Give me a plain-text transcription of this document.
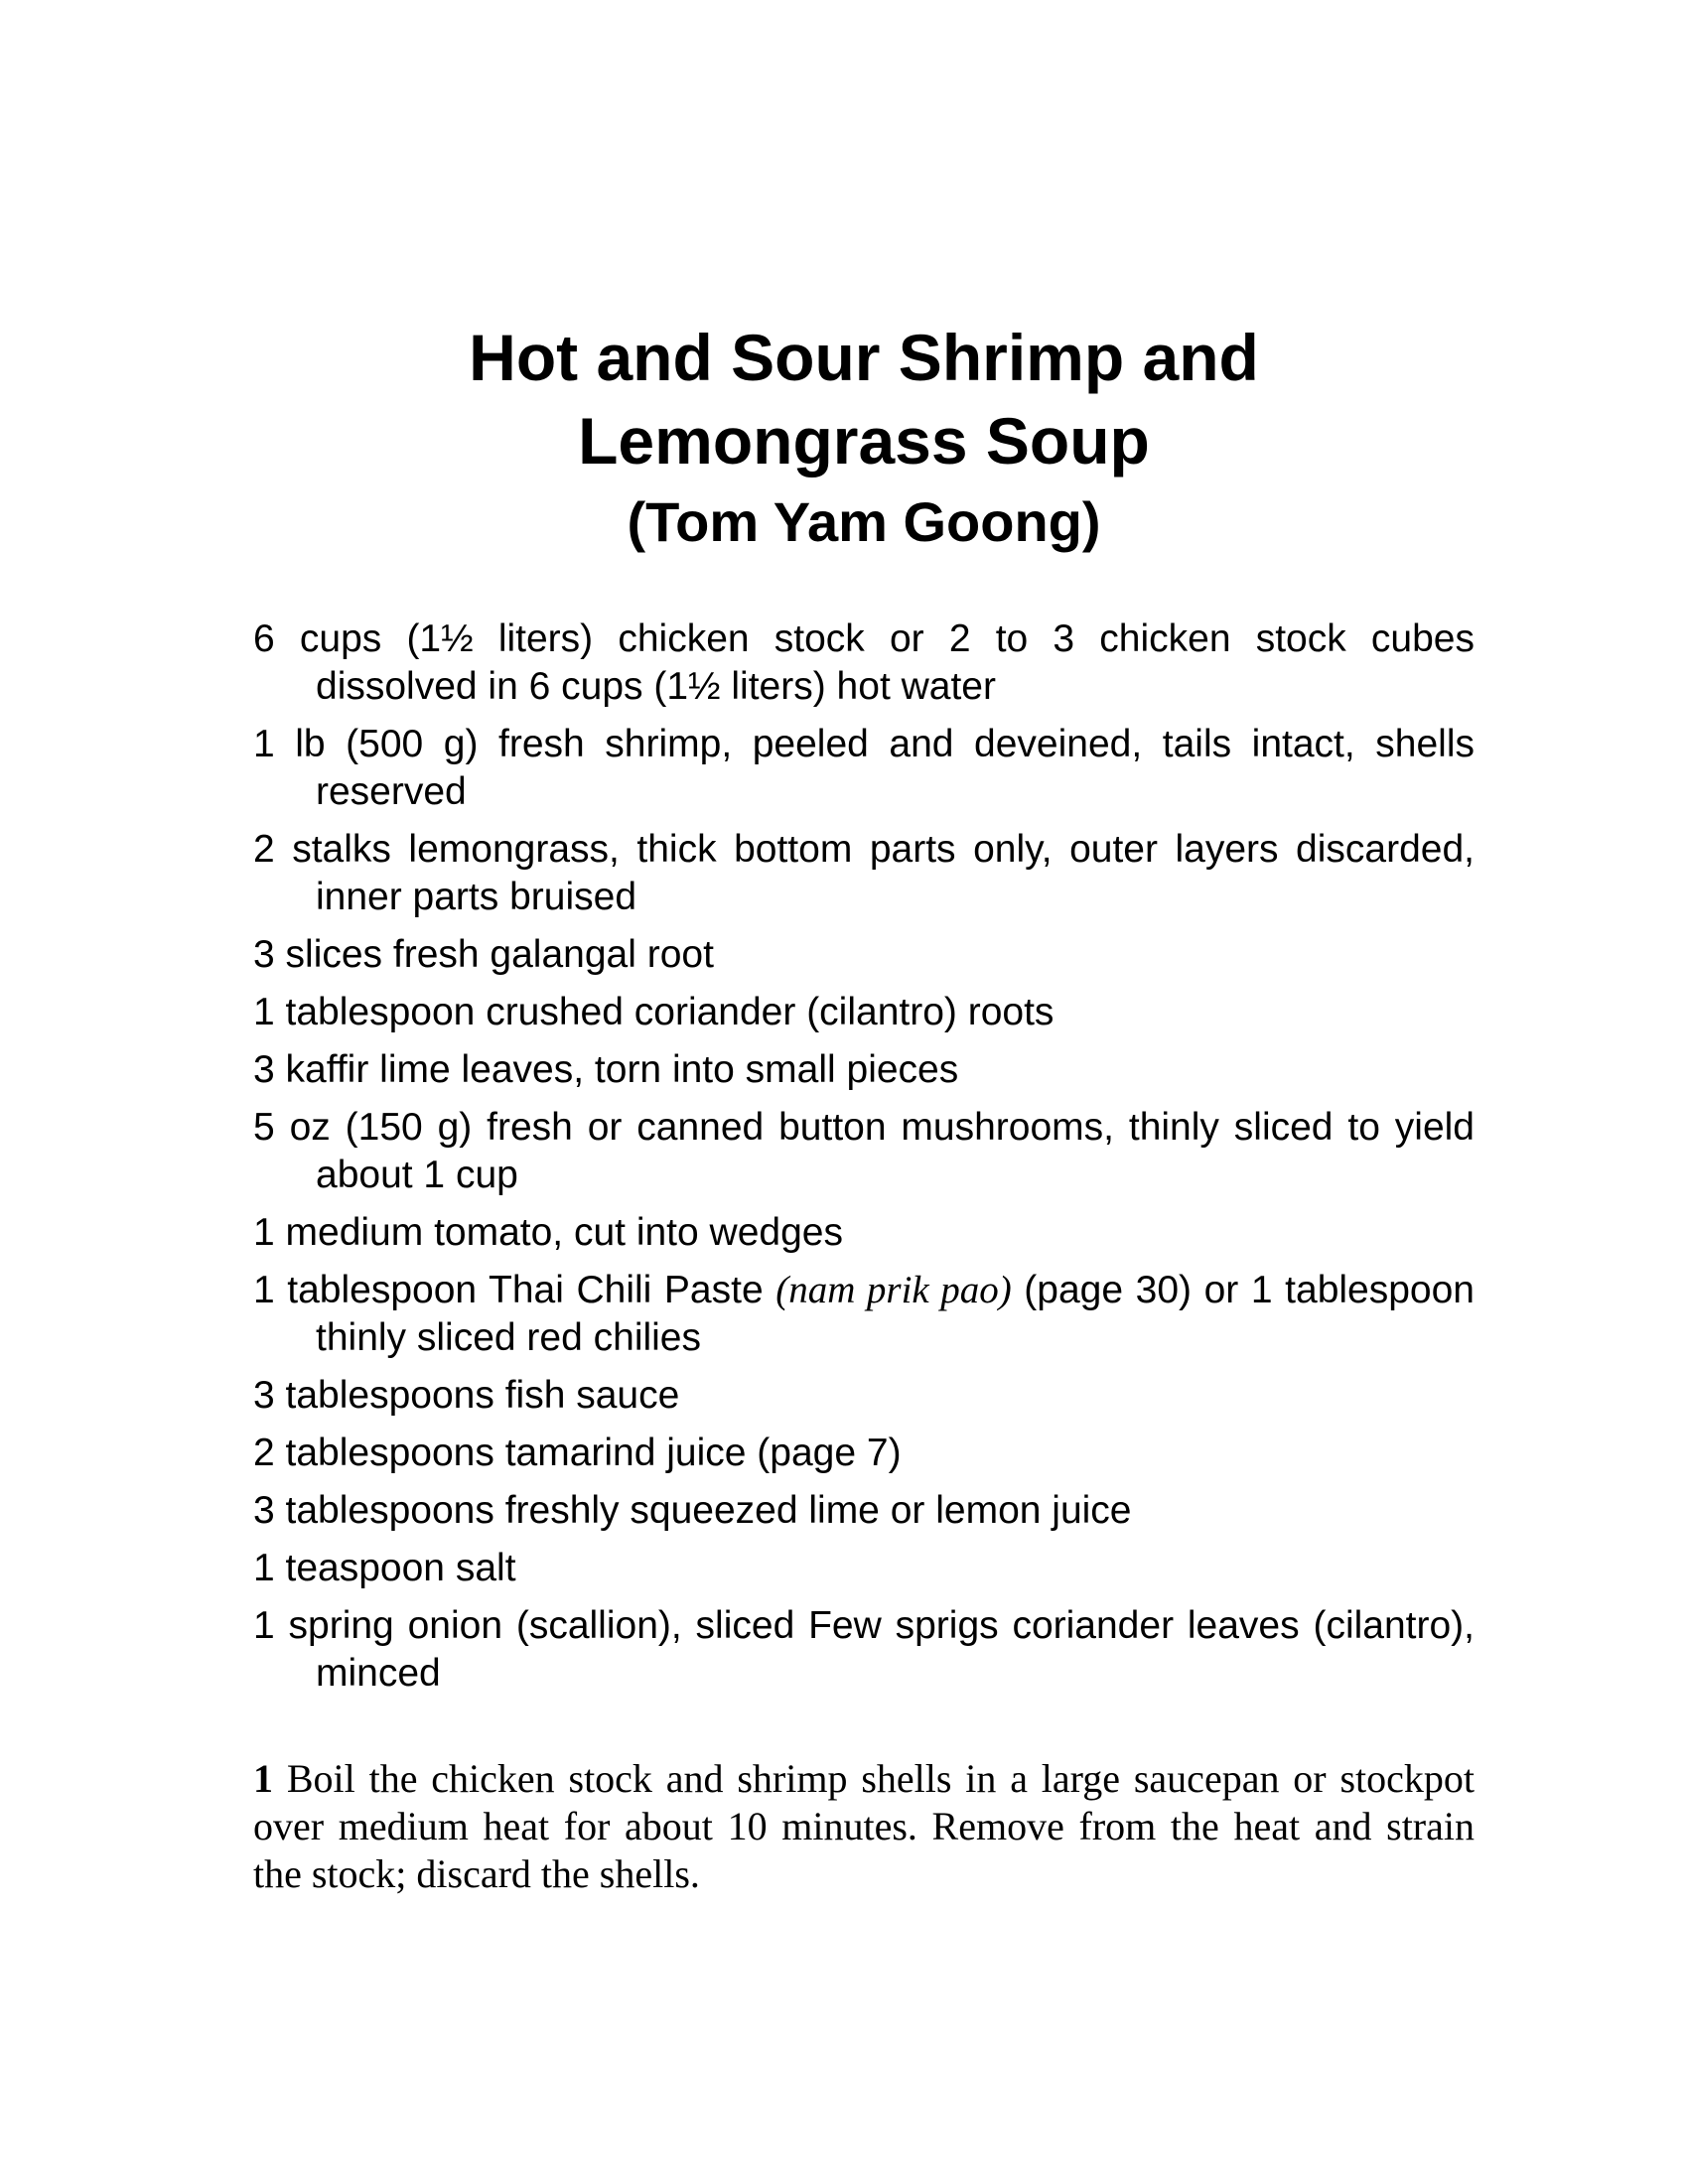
Hot and Sour Shrimp and
Lemongrass Soup
(Tom Yam Goong)
6 cups (1½ liters) chicken stock or 2 to 3 chicken stock cubes dissolved in 6 cups (1½ liters) hot water
1 lb (500 g) fresh shrimp, peeled and deveined, tails intact, shells reserved
2 stalks lemongrass, thick bottom parts only, outer layers discarded, inner parts bruised
3 slices fresh galangal root
1 tablespoon crushed coriander (cilantro) roots
3 kaffir lime leaves, torn into small pieces
5 oz (150 g) fresh or canned button mushrooms, thinly sliced to yield about 1 cup
1 medium tomato, cut into wedges
1 tablespoon Thai Chili Paste (nam prik pao) (page 30) or 1 tablespoon thinly sliced red chilies
3 tablespoons fish sauce
2 tablespoons tamarind juice (page 7)
3 tablespoons freshly squeezed lime or lemon juice
1 teaspoon salt
1 spring onion (scallion), sliced Few sprigs coriander leaves (cilantro), minced

1 Boil the chicken stock and shrimp shells in a large saucepan or stockpot over medium heat for about 10 minutes. Remove from the heat and strain the stock; discard the shells.
